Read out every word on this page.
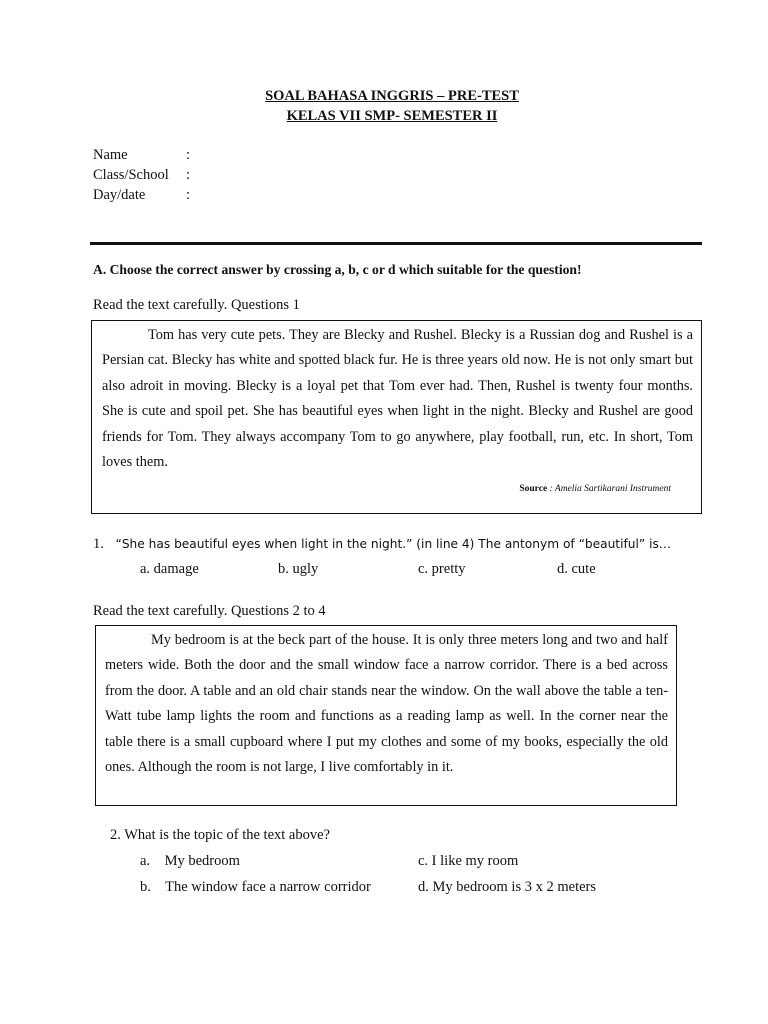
SOAL BAHASA INGGRIS – PRE-TEST
KELAS VII SMP- SEMESTER II
Name	:
Class/School	:
Day/date	:
A. Choose the correct answer by crossing a, b, c or d which suitable for the question!
Read the text carefully. Questions 1

Tom has very cute pets. They are Blecky and Rushel. Blecky is a Russian dog and Rushel is a Persian cat. Blecky has white and spotted black fur. He is three years old now. He is not only smart but also adroit in moving. Blecky is a loyal pet that Tom ever had. Then, Rushel is twenty four months. She is cute and spoil pet. She has beautiful eyes when light in the night. Blecky and Rushel are good friends for Tom. They always accompany Tom to go anywhere, play football, run, etc. In short, Tom loves them.

Source : Amelia Sartikarani Instrument
1. “She has beautiful eyes when light in the night.” (in line 4) The antonym of “beautiful” is…
a. damage	b. ugly	c. pretty	d. cute
Read the text carefully. Questions 2 to 4

My bedroom is at the beck part of the house. It is only three meters long and two and half meters wide. Both the door and the small window face a narrow corridor. There is a bed across from the door. A table and an old chair stands near the window. On the wall above the table a ten-Watt tube lamp lights the room and functions as a reading lamp as well. In the corner near the table there is a small cupboard where I put my clothes and some of my books, especially the old ones. Although the room is not large, I live comfortably in it.

2. What is the topic of the text above?
a. My bedroom
b. The window face a narrow corridor
c. I like my room
d. My bedroom is 3 x 2 meters
